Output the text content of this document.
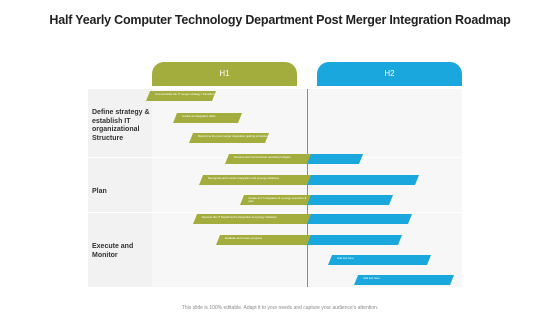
Half Yearly Computer Technology Department Post Merger Integration Roadmap
H1	H2
Define strategy & establish IT organizational Structure
Plan
Execute and Monitor
Communicate the IT merger strategy / transition
Create an integration office
Determine the post merger integration guiding principles
Develop and communicate operating budgets
Recognize and monitor integration and synergy initiatives
Create an IT integration & synergy execution & plan
Execute the IT Department's integration & synergy initiatives
Evaluate and review progress
Add text here
Add text here
This slide is 100% editable. Adapt it to your needs and capture your audience's attention.
